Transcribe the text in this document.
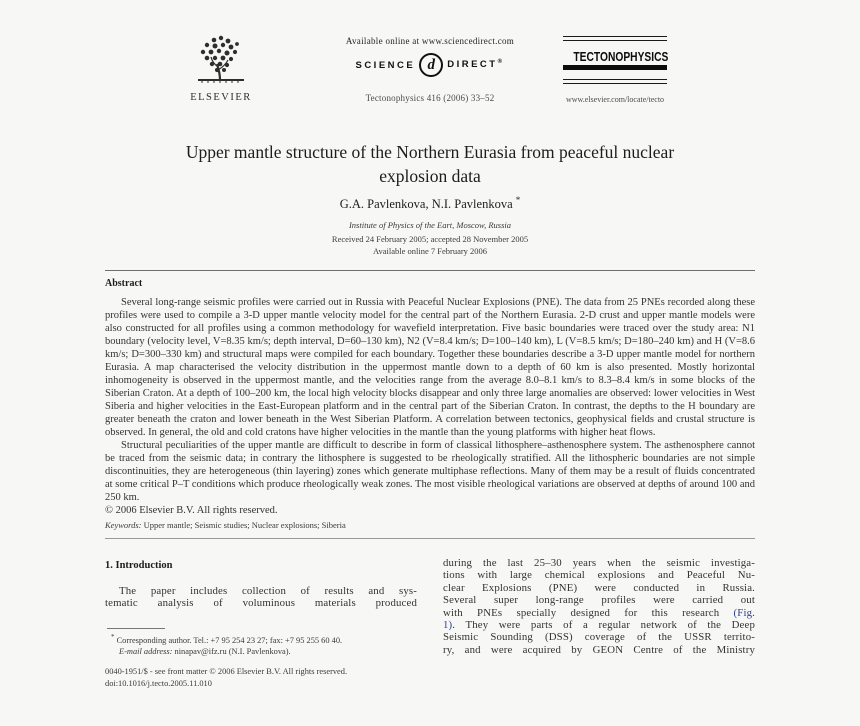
ELSEVIER
Available online at www.sciencedirect.com
SCIENCE d DIRECT®
Tectonophysics 416 (2006) 33–52
TECTONOPHYSICS
www.elsevier.com/locate/tecto
Upper mantle structure of the Northern Eurasia from peaceful nuclear explosion data
G.A. Pavlenkova, N.I. Pavlenkova *
Institute of Physics of the Eart, Moscow, Russia
Received 24 February 2005; accepted 28 November 2005
Available online 7 February 2006
Abstract

Several long-range seismic profiles were carried out in Russia with Peaceful Nuclear Explosions (PNE). The data from 25 PNEs recorded along these profiles were used to compile a 3-D upper mantle velocity model for the central part of the Northern Eurasia. 2-D crust and upper mantle models were also constructed for all profiles using a common methodology for wavefield interpretation. Five basic boundaries were traced over the study area: N1 boundary (velocity level, V=8.35 km/s; depth interval, D=60–130 km), N2 (V=8.4 km/s; D=100–140 km), L (V=8.5 km/s; D=180–240 km) and H (V=8.6 km/s; D=300–330 km) and structural maps were compiled for each boundary. Together these boundaries describe a 3-D upper mantle model for northern Eurasia. A map characterised the velocity distribution in the uppermost mantle down to a depth of 60 km is also presented. Mostly horizontal inhomogeneity is observed in the uppermost mantle, and the velocities range from the average 8.0–8.1 km/s to 8.3–8.4 km/s in some blocks of the Siberian Craton. At a depth of 100–200 km, the local high velocity blocks disappear and only three large anomalies are observed: lower velocities in West Siberia and higher velocities in the East-European platform and in the central part of the Siberian Craton. In contrast, the depths to the H boundary are greater beneath the craton and lower beneath in the West Siberian Platform. A correlation between tectonics, geophysical fields and crustal structure is observed. In general, the old and cold cratons have higher velocities in the mantle than the young platforms with higher heat flows.

Structural peculiarities of the upper mantle are difficult to describe in form of classical lithosphere–asthenosphere system. The asthenosphere cannot be traced from the seismic data; in contrary the lithosphere is suggested to be rheologically stratified. All the lithospheric boundaries are not simple discontinuities, they are heterogeneous (thin layering) zones which generate multiphase reflections. Many of them may be a result of fluids concentrated at some critical P–T conditions which produce rheologically weak zones. The most visible rheological variations are observed at depths of around 100 and 250 km.

© 2006 Elsevier B.V. All rights reserved.

Keywords: Upper mantle; Seismic studies; Nuclear explosions; Siberia
1. Introduction
The paper includes collection of results and sys-
tematic analysis of voluminous materials produced
* Corresponding author. Tel.: +7 95 254 23 27; fax: +7 95 255 60 40.
E-mail address: ninapav@ifz.ru (N.I. Pavlenkova).
0040-1951/$ - see front matter © 2006 Elsevier B.V. All rights reserved.
doi:10.1016/j.tecto.2005.11.010
during the last 25–30 years when the seismic investiga-
tions with large chemical explosions and Peaceful Nu-
clear Explosions (PNE) were conducted in Russia.
Several super long-range profiles were carried out
with PNEs specially designed for this research (Fig.
1). They were parts of a regular network of the Deep
Seismic Sounding (DSS) coverage of the USSR territo-
ry, and were acquired by GEON Centre of the Ministry
